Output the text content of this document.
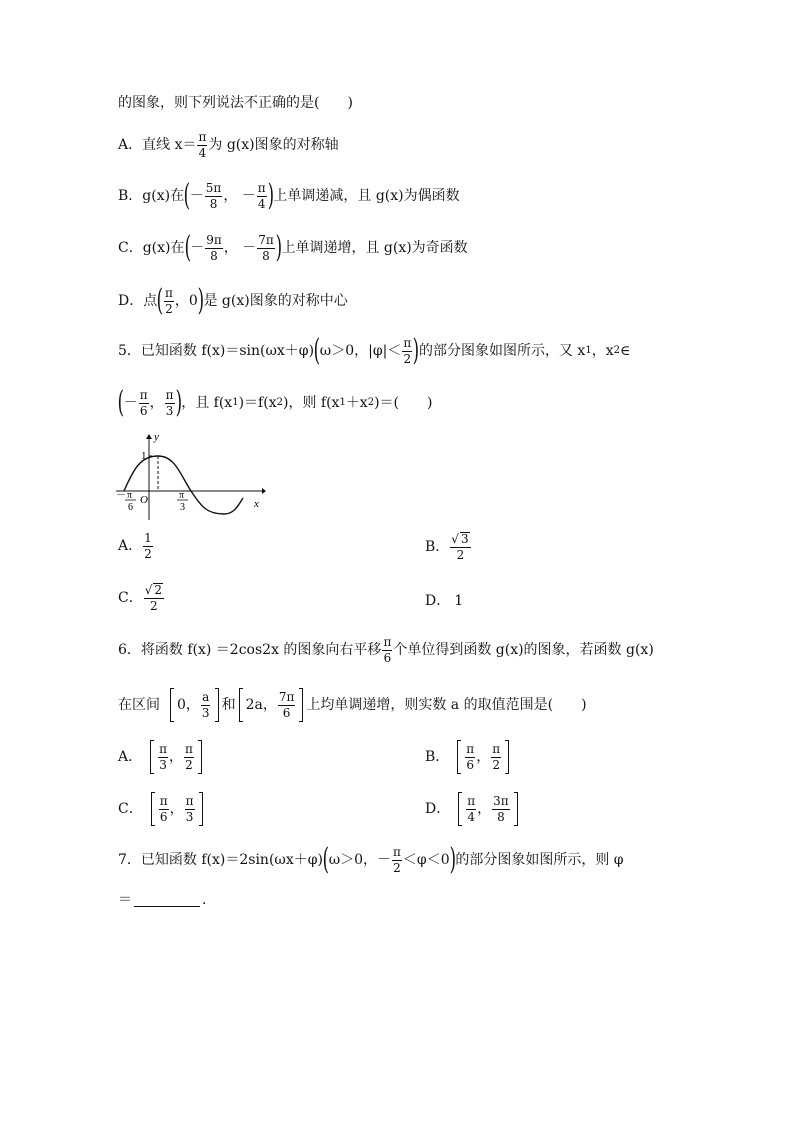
的图象，则下列说法不正确的是(　　)
A． 直线 $x= \frac{\pi}{4}$ 为 g(x)图象的对称轴
B． g(x)在 ( － $\frac{5\pi}{8}$ ， － $\frac{\pi}{4}$ ) 上单调递减，且 g(x)为偶函数
C． g(x)在 ( － $\frac{9\pi}{8}$ ， － $\frac{7\pi}{8}$ ) 上单调递增，且 g(x)为奇函数
D． 点 ( $\frac{\pi}{2}$ ，0 ) 是 g(x)图象的对称中心
5．已知函数 f(x)＝sin(ωx＋φ) ( ω＞0，$|\varphi|< \frac{\pi}{2}$ ) 的部分图象如图所示，又 x 1 ，x 2 ∈
( － $\frac{\pi}{6}$ ， $\frac{\pi}{3}$ ) ，且 f(x 1 )＝f(x 2 )，则 f(x 1 ＋x 2 )＝(　　)
y
x
O
1
－ π
6
π
3
A． $\frac{1}{2}$	B． $\frac{√ 3}{2}$
C． $\frac{√ 2}{2}$	D． 1
6．将函数 f(x) ＝2cos2x 的图象向右平移 $\frac{\pi}{6}$ 个单位得到函数 g(x)的图象，若函数 g(x)
在区间 0， $\frac{a}{3}$ 和 2a， $\frac{7\pi}{6}$ 上均单调递增，则实数 a 的取值范围是(　　)
A． $\frac{\pi}{3}$ ， $\frac{\pi}{2}$	B． $\frac{\pi}{6}$ ， $\frac{\pi}{2}$
C． $\frac{\pi}{6}$ ， $\frac{\pi}{3}$	D． $\frac{\pi}{4}$ ， $\frac{3\pi}{8}$
7．已知函数 f(x)＝2sin(ωx＋φ) ( ω＞0，－ $\frac{\pi}{2} <\varphi<0$ ) 的部分图象如图所示，则 φ
＝	.
